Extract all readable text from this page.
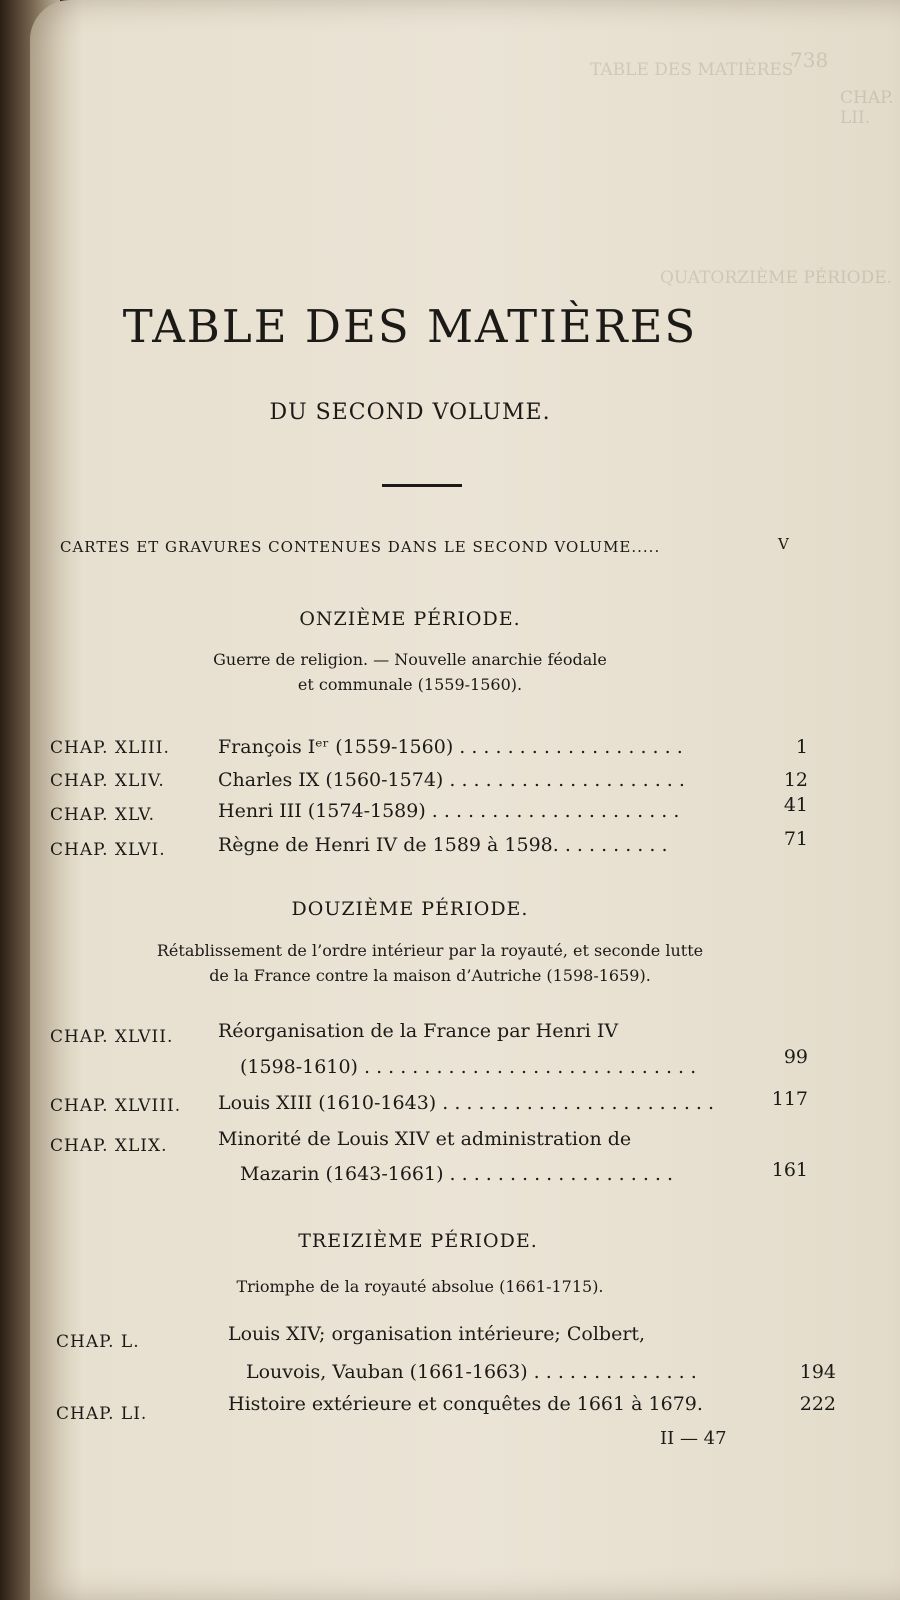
738
TABLE DES MATIÈRES
CHAP. LII.
QUATORZIÈME PÉRIODE.
TABLE DES MATIÈRES
DU SECOND VOLUME.
CARTES ET GRAVURES CONTENUES DANS LE SECOND VOLUME.....	V
ONZIÈME PÉRIODE.
Guerre de religion. — Nouvelle anarchie féodale
et communale (1559-1560).
CHAP. XLIII.	François Iᵉʳ (1559-1560) . . . . . . . . . . . . . . . . . . .	1
CHAP. XLIV.	Charles IX (1560-1574) . . . . . . . . . . . . . . . . . . . .	12
CHAP. XLV.	Henri III (1574-1589) . . . . . . . . . . . . . . . . . . . . .	41
CHAP. XLVI.	Règne de Henri IV de 1589 à 1598. . . . . . . . . .	71
DOUZIÈME PÉRIODE.
Rétablissement de l’ordre intérieur par la royauté, et seconde lutte
de la France contre la maison d’Autriche (1598-1659).
CHAP. XLVII. Réorganisation de la France par Henri IV
(1598-1610) . . . . . . . . . . . . . . . . . . . . . . . . . . . .	99
CHAP. XLVIII. Louis XIII (1610-1643) . . . . . . . . . . . . . . . . . . . . . . .	117
CHAP. XLIX.	Minorité de Louis XIV et administration de
Mazarin (1643-1661) . . . . . . . . . . . . . . . . . . .	161
TREIZIÈME PÉRIODE.
Triomphe de la royauté absolue (1661-1715).
CHAP. L.	Louis XIV; organisation intérieure; Colbert,
Louvois, Vauban (1661-1663) . . . . . . . . . . . . . .	194
CHAP. LI.	Histoire extérieure et conquêtes de 1661 à 1679.	222
II — 47
